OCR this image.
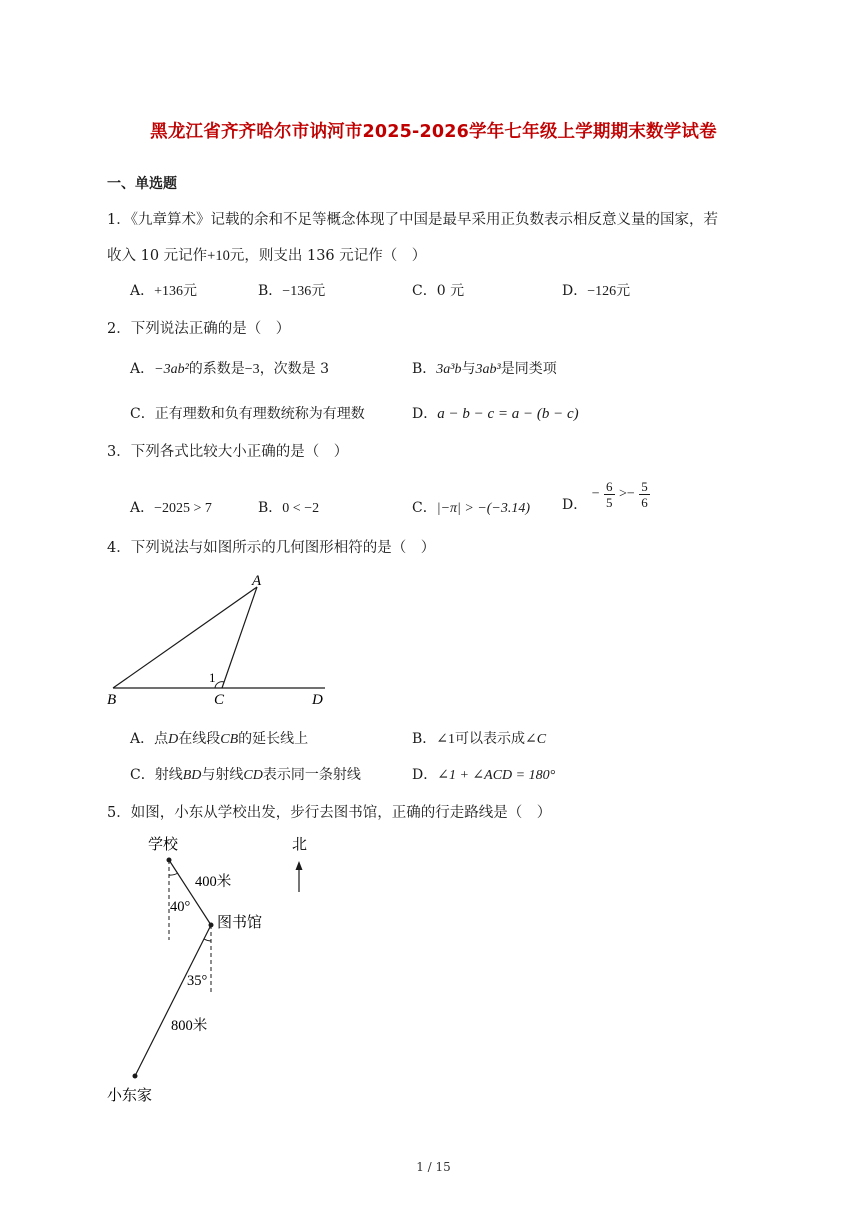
黑龙江省齐齐哈尔市讷河市2025-2026学年七年级上学期期末数学试卷
一、单选题
1．《九章算术》记载的余和不足等概念体现了中国是最早采用正负数表示相反意义量的国家，若
收入 10 元记作+10元，则支出 136 元记作（　）
A．+136元	B．−136元	C．0 元	D．−126元
2．下列说法正确的是（　）
A．−3ab²的系数是−3，次数是 3	B．3a³b与3ab³是同类项
C．正有理数和负有理数统称为有理数	D．a − b − c = a − (b − c)
3．下列各式比较大小正确的是（　）
A．−2025 > 7	B．0 < −2	C．|−π| > −(−3.14) D． − $\frac{6}{5} >- \frac{5}{6}$
4．下列说法与如图所示的几何图形相符的是（　）
A
B	C	D
1
A．点D在线段CB的延长线上	B．∠1可以表示成∠C
C．射线BD与射线CD表示同一条射线	D．∠1 + ∠ACD = 180°
5．如图，小东从学校出发，步行去图书馆，正确的行走路线是（　）
学校	北
400米
40°
图书馆
35°
800米
小东家
1 / 15
